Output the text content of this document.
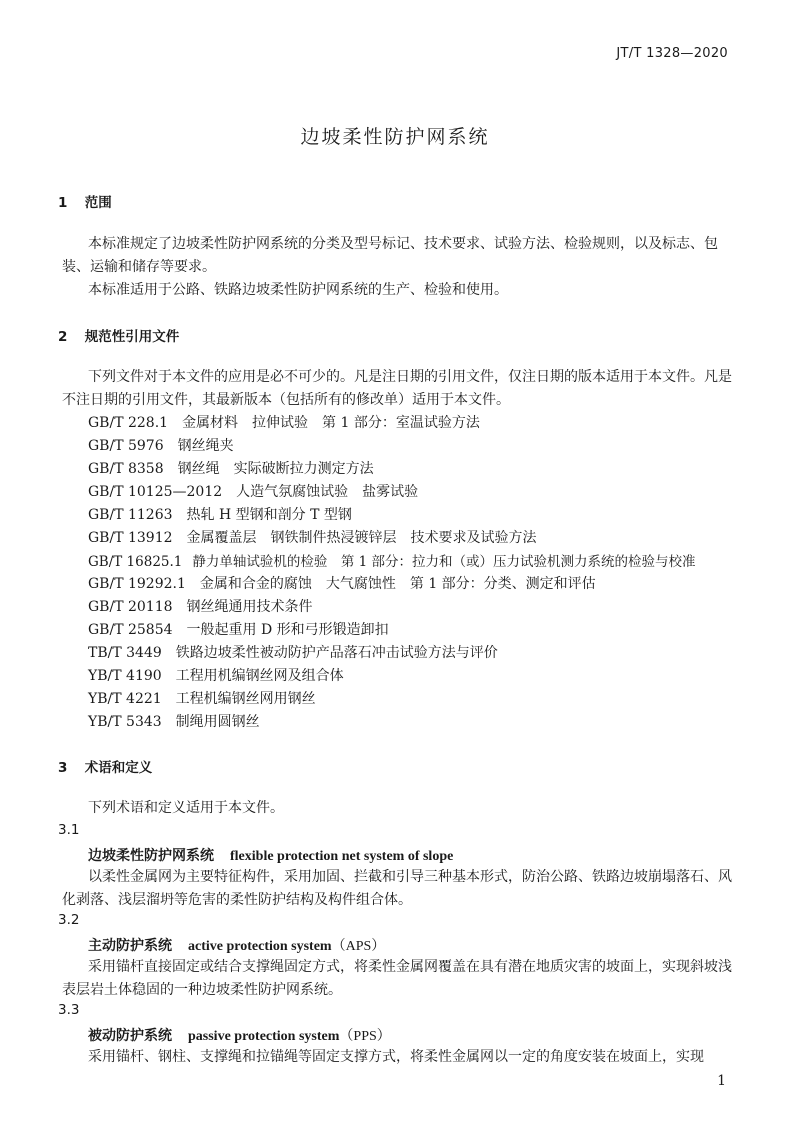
JT/T 1328—2020
边坡柔性防护网系统
1 范围

本标准规定了边坡柔性防护网系统的分类及型号标记、技术要求、试验方法、检验规则，以及标志、包装、运输和储存等要求。

本标准适用于公路、铁路边坡柔性防护网系统的生产、检验和使用。

2 规范性引用文件

下列文件对于本文件的应用是必不可少的。凡是注日期的引用文件，仅注日期的版本适用于本文件。凡是不注日期的引用文件，其最新版本（包括所有的修改单）适用于本文件。

GB/T 228.1 金属材料　拉伸试验　第 1 部分：室温试验方法
GB/T 5976 钢丝绳夹
GB/T 8358 钢丝绳　实际破断拉力测定方法
GB/T 10125—2012 人造气氛腐蚀试验　盐雾试验
GB/T 11263 热轧 H 型钢和剖分 T 型钢
GB/T 13912 金属覆盖层　钢铁制件热浸镀锌层　技术要求及试验方法
GB/T 16825.1 静力单轴试验机的检验　第 1 部分：拉力和（或）压力试验机测力系统的检验与校准
GB/T 19292.1 金属和合金的腐蚀　大气腐蚀性　第 1 部分：分类、测定和评估
GB/T 20118 钢丝绳通用技术条件
GB/T 25854 一般起重用 D 形和弓形锻造卸扣
TB/T 3449 铁路边坡柔性被动防护产品落石冲击试验方法与评价
YB/T 4190 工程用机编钢丝网及组合体
YB/T 4221 工程机编钢丝网用钢丝
YB/T 5343 制绳用圆钢丝
3 术语和定义

下列术语和定义适用于本文件。

3.1
边坡柔性防护网系统 flexible protection net system of slope

以柔性金属网为主要特征构件，采用加固、拦截和引导三种基本形式，防治公路、铁路边坡崩塌落石、风化剥落、浅层溜坍等危害的柔性防护结构及构件组合体。

3.2
主动防护系统 active protection system（APS）

采用锚杆直接固定或结合支撑绳固定方式，将柔性金属网覆盖在具有潜在地质灾害的坡面上，实现斜坡浅表层岩土体稳固的一种边坡柔性防护网系统。

3.3
被动防护系统 passive protection system（PPS）

采用锚杆、钢柱、支撑绳和拉锚绳等固定支撑方式，将柔性金属网以一定的角度安装在坡面上，实现

1
